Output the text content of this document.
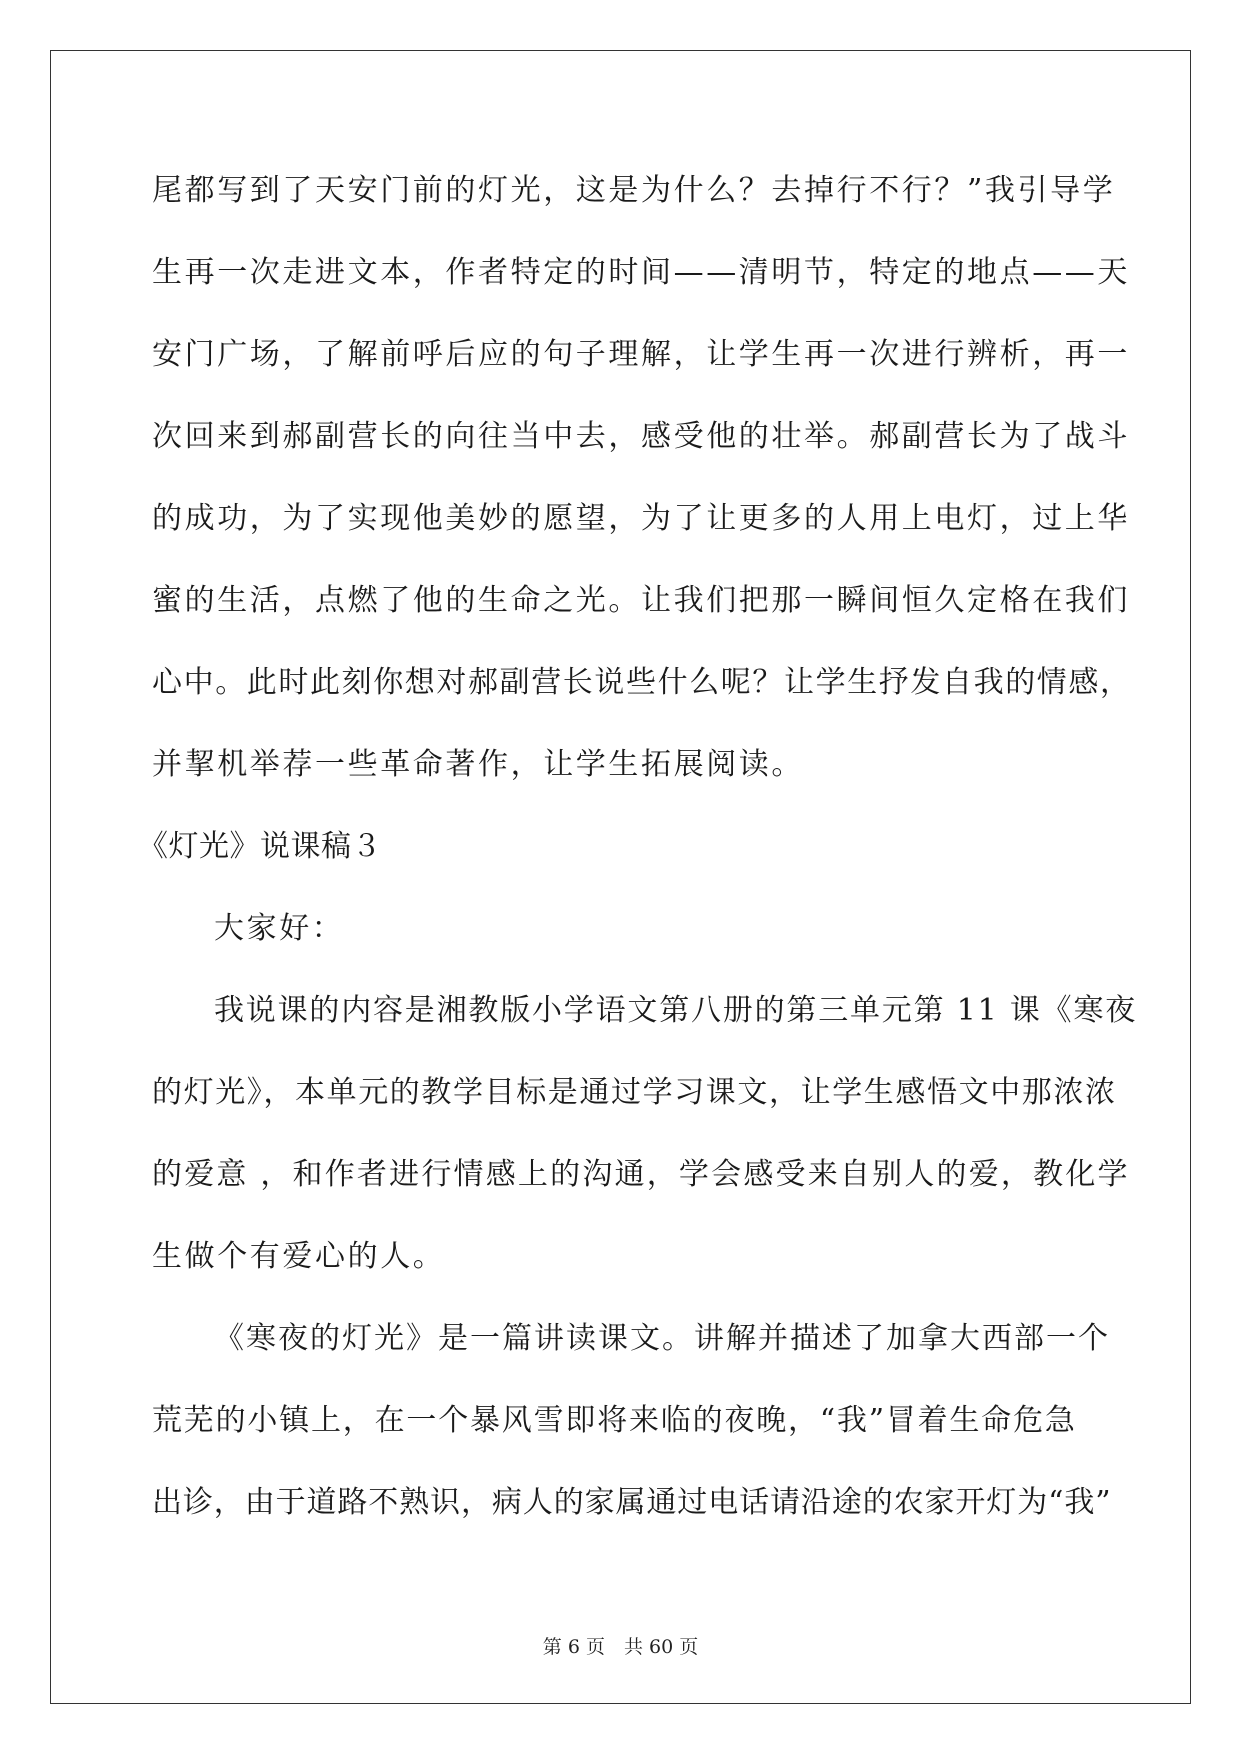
尾都写到了天安门前的灯光，这是为什么？去掉行不行？”我引导学
生再一次走进文本，作者特定的时间——清明节，特定的地点——天
安门广场，了解前呼后应的句子理解，让学生再一次进行辨析，再一
次回来到郝副营长的向往当中去，感受他的壮举。郝副营长为了战斗
的成功，为了实现他美妙的愿望，为了让更多的人用上电灯，过上华
蜜的生活，点燃了他的生命之光。让我们把那一瞬间恒久定格在我们
心中。此时此刻你想对郝副营长说些什么呢？让学生抒发自我的情感，
并挈机举荐一些革命著作，让学生拓展阅读。
《灯光》说课稿３
大家好：
我说课的内容是湘教版小学语文第八册的第三单元第 11 课《寒夜
的灯光》，本单元的教学目标是通过学习课文，让学生感悟文中那浓浓
的爱意 ，和作者进行情感上的沟通，学会感受来自别人的爱，教化学
生做个有爱心的人。
《寒夜的灯光》是一篇讲读课文。讲解并描述了加拿大西部一个
荒芜的小镇上，在一个暴风雪即将来临的夜晚，“我”冒着生命危急
出诊，由于道路不熟识，病人的家属通过电话请沿途的农家开灯为“我”
第 6 页　共 60 页
